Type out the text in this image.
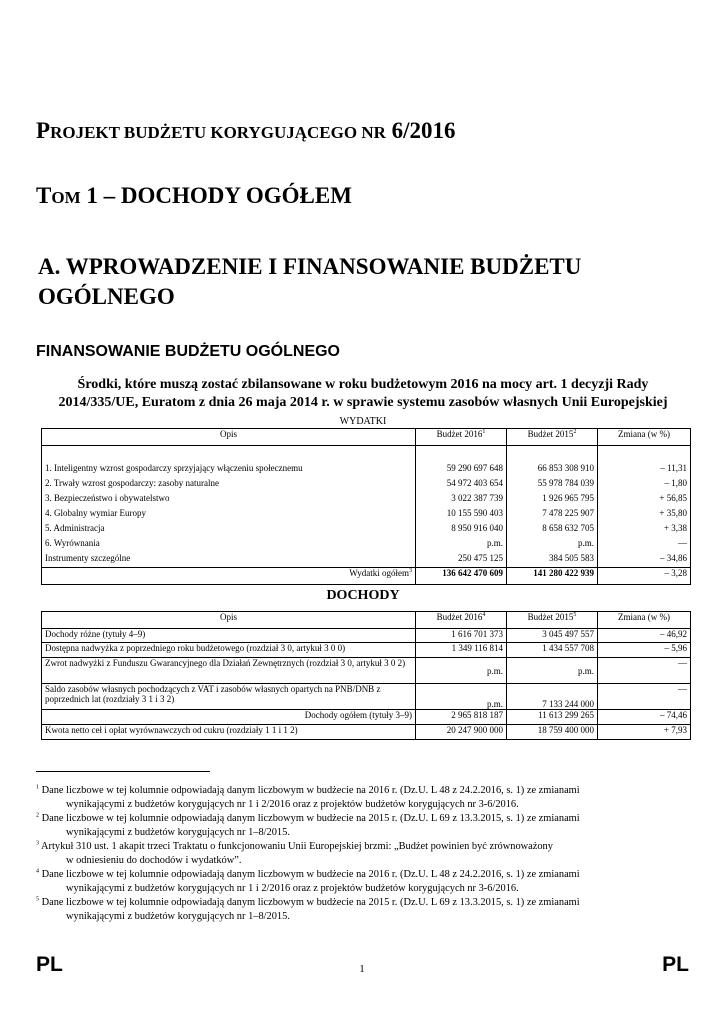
PROJEKT BUDŻETU KORYGUJĄCEGO NR 6/2016
TOM 1 – DOCHODY OGÓŁEM
A. WPROWADZENIE I FINANSOWANIE BUDŻETU OGÓLNEGO
FINANSOWANIE BUDŻETU OGÓLNEGO
Środki, które muszą zostać zbilansowane w roku budżetowym 2016 na mocy art. 1 decyzji Rady 2014/335/UE, Euratom z dnia 26 maja 2014 r. w sprawie systemu zasobów własnych Unii Europejskiej
WYDATKI
Opis	Budżet 2016$^1$	Budżet 2015$^2$	Zmiana (w %)

1. Inteligentny wzrost gospodarczy sprzyjający włączeniu społecznemu	59 290 697 648	66 853 308 910	– 11,31
2. Trwały wzrost gospodarczy: zasoby naturalne	54 972 403 654	55 978 784 039	– 1,80
3. Bezpieczeństwo i obywatelstwo	3 022 387 739	1 926 965 795	+ 56,85
4. Globalny wymiar Europy	10 155 590 403	7 478 225 907	+ 35,80
5. Administracja	8 950 916 040	8 658 632 705	+ 3,38
6. Wyrównania	p.m.	p.m.	—
Instrumenty szczególne	250 475 125	384 505 583	– 34,86
Wydatki ogółem$^3$	136 642 470 609	141 280 422 939	– 3,28
DOCHODY
Opis	Budżet 2016$^4$	Budżet 2015$^5$	Zmiana (w %)
Dochody różne (tytuły 4–9)	1 616 701 373	3 045 497 557	– 46,92
Dostępna nadwyżka z poprzedniego roku budżetowego (rozdział 3 0, artykuł 3 0 0)	1 349 116 814	1 434 557 708	– 5,96
Zwrot nadwyżki z Funduszu Gwarancyjnego dla Działań Zewnętrznych (rozdział 3 0, artykuł 3 0 2)	p.m.	p.m.	—
Saldo zasobów własnych pochodzących z VAT i zasobów własnych opartych na PNB/DNB z poprzednich lat (rozdziały 3 1 i 3 2)	p.m.	7 133 244 000	—
Dochody ogółem (tytuły 3–9)	2 965 818 187	11 613 299 265	– 74,46
Kwota netto ceł i opłat wyrównawczych od cukru (rozdziały 1 1 i 1 2)	20 247 900 000	18 759 400 000	+ 7,93

$^1$ Dane liczbowe w tej kolumnie odpowiadają danym liczbowym w budżecie na 2016 r. (Dz.U. L 48 z 24.2.2016, s. 1) ze zmianami
wynikającymi z budżetów korygujących nr 1 i 2/2016 oraz z projektów budżetów korygujących nr 3-6/2016.

$^2$ Dane liczbowe w tej kolumnie odpowiadają danym liczbowym w budżecie na 2015 r. (Dz.U. L 69 z 13.3.2015, s. 1) ze zmianami
wynikającymi z budżetów korygujących nr 1–8/2015.

$^3$ Artykuł 310 ust. 1 akapit trzeci Traktatu o funkcjonowaniu Unii Europejskiej brzmi: „Budżet powinien być zrównoważony
w odniesieniu do dochodów i wydatków”.

$^4$ Dane liczbowe w tej kolumnie odpowiadają danym liczbowym w budżecie na 2016 r. (Dz.U. L 48 z 24.2.2016, s. 1) ze zmianami
wynikającymi z budżetów korygujących nr 1 i 2/2016 oraz z projektów budżetów korygujących nr 3-6/2016.

$^5$ Dane liczbowe w tej kolumnie odpowiadają danym liczbowym w budżecie na 2015 r. (Dz.U. L 69 z 13.3.2015, s. 1) ze zmianami
wynikającymi z budżetów korygujących nr 1–8/2015.

PL	1	PL
